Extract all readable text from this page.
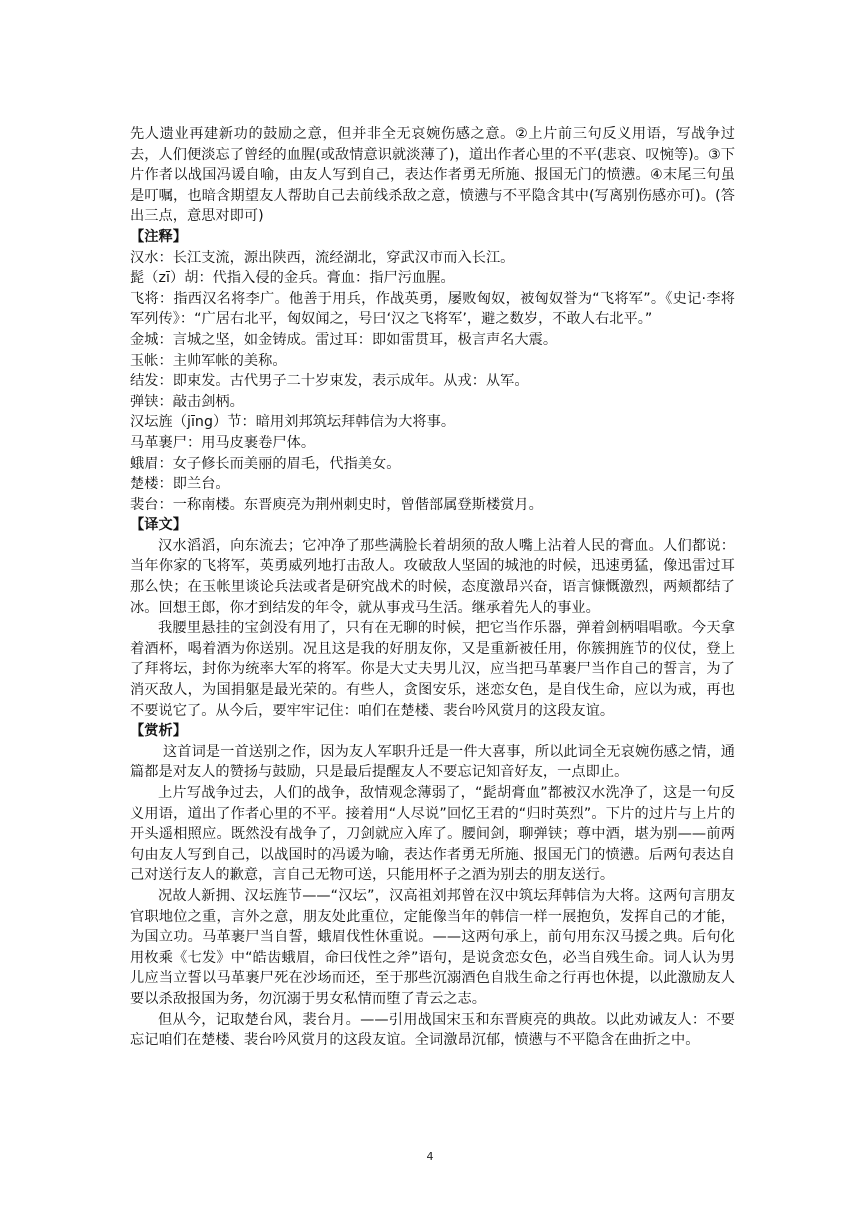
先人遗业再建新功的鼓励之意，但并非全无哀婉伤感之意。②上片前三句反义用语，写战争过去，人们便淡忘了曾经的血腥(或敌情意识就淡薄了)，道出作者心里的不平(悲哀、叹惋等)。③下片作者以战国冯谖自喻，由友人写到自己，表达作者勇无所施、报国无门的愤懑。④末尾三句虽是叮嘱，也暗含期望友人帮助自己去前线杀敌之意，愤懑与不平隐含其中(写离别伤感亦可)。(答出三点，意思对即可)

【注释】

汉水：长江支流，源出陕西，流经湖北，穿武汉市而入长江。

髭（zī）胡：代指入侵的金兵。膏血：指尸污血腥。

飞将：指西汉名将李广。他善于用兵，作战英勇，屡败匈奴，被匈奴誉为“飞将军”。《史记·李将军列传》：“广居右北平，匈奴闻之，号曰‘汉之飞将军’，避之数岁，不敢人右北平。”

金城：言城之坚，如金铸成。雷过耳：即如雷贯耳，极言声名大震。

玉帐：主帅军帐的美称。

结发：即束发。古代男子二十岁束发，表示成年。从戎：从军。

弹铗：敲击剑柄。

汉坛旌（jīng）节：暗用刘邦筑坛拜韩信为大将事。

马革裹尸：用马皮裹卷尸体。

蛾眉：女子修长而美丽的眉毛，代指美女。

楚楼：即兰台。

裴台：一称南楼。东晋庾亮为荆州刺史时，曾偕部属登斯楼赏月。

【译文】

汉水滔滔，向东流去；它冲净了那些满脸长着胡须的敌人嘴上沾着人民的膏血。人们都说：当年你家的飞将军，英勇威列地打击敌人。攻破敌人坚固的城池的时候，迅速勇猛，像迅雷过耳那么快；在玉帐里谈论兵法或者是研究战术的时候，态度激昂兴奋，语言慷慨激烈，两颊都结了冰。回想王郎，你才到结发的年令，就从事戎马生活。继承着先人的事业。

我腰里悬挂的宝剑没有用了，只有在无聊的时候，把它当作乐器，弹着剑柄唱唱歌。今天拿着酒杯，喝着酒为你送别。况且这是我的好朋友你，又是重新被任用，你簇拥旌节的仪仗，登上了拜将坛，封你为统率大军的将军。你是大丈夫男儿汉，应当把马革裹尸当作自己的誓言，为了消灭敌人，为国捐躯是最光荣的。有些人，贪图安乐，迷恋女色，是自伐生命，应以为戒，再也不要说它了。从今后，要牢牢记住：咱们在楚楼、裴台吟风赏月的这段友谊。

【赏析】

这首词是一首送别之作，因为友人军职升迁是一件大喜事，所以此词全无哀婉伤感之情，通篇都是对友人的赞扬与鼓励，只是最后提醒友人不要忘记知音好友，一点即止。

上片写战争过去，人们的战争，敌情观念薄弱了，“髭胡膏血”都被汉水洗净了，这是一句反义用语，道出了作者心里的不平。接着用“人尽说”回忆王君的“归时英烈”。下片的过片与上片的开头遥相照应。既然没有战争了，刀剑就应入库了。腰间剑，聊弹铗；尊中酒，堪为别——前两句由友人写到自己，以战国时的冯谖为喻，表达作者勇无所施、报国无门的愤懑。后两句表达自己对送行友人的歉意，言自己无物可送，只能用杯子之酒为别去的朋友送行。

况故人新拥、汉坛旌节——“汉坛”，汉高祖刘邦曾在汉中筑坛拜韩信为大将。这两句言朋友官职地位之重，言外之意，朋友处此重位，定能像当年的韩信一样一展抱负，发挥自己的才能，为国立功。马革裹尸当自誓，蛾眉伐性休重说。——这两句承上，前句用东汉马援之典。后句化用枚乘《七发》中“皓齿蛾眉，命曰伐性之斧”语句，是说贪恋女色，必当自残生命。词人认为男儿应当立誓以马革裹尸死在沙场而还，至于那些沉溺酒色自戕生命之行再也休提，以此激励友人要以杀敌报国为务，勿沉溺于男女私情而堕了青云之志。

但从今，记取楚台风，裴台月。——引用战国宋玉和东晋庾亮的典故。以此劝诫友人：不要忘记咱们在楚楼、裴台吟风赏月的这段友谊。全词激昂沉郁，愤懑与不平隐含在曲折之中。

4
